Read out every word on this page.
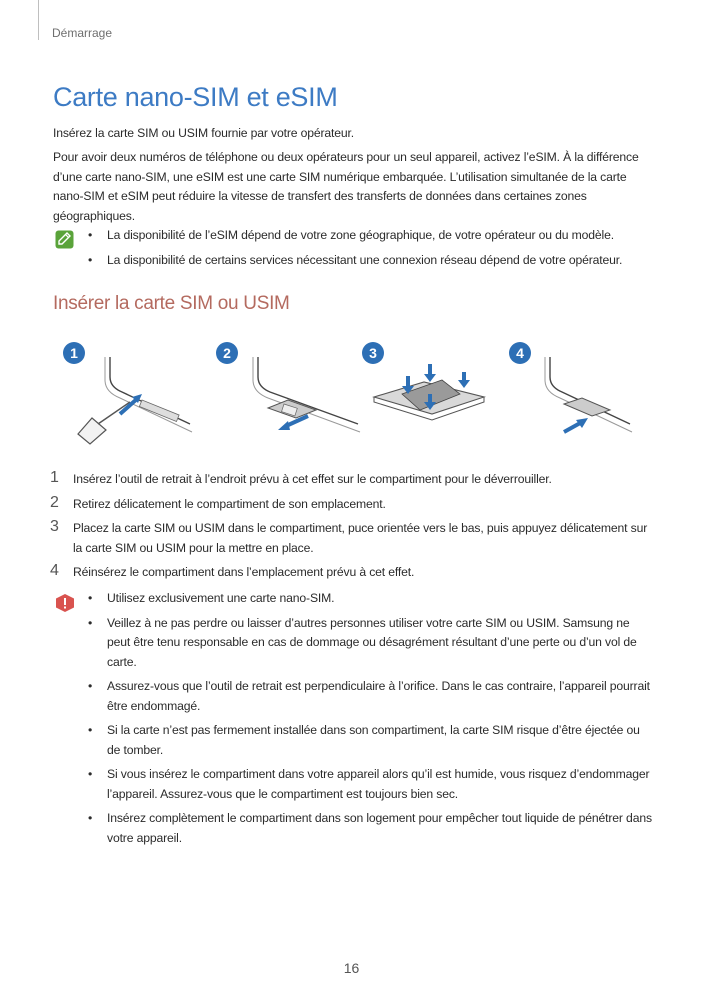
Démarrage
Carte nano-SIM et eSIM

Insérez la carte SIM ou USIM fournie par votre opérateur.

Pour avoir deux numéros de téléphone ou deux opérateurs pour un seul appareil, activez l’eSIM. À la différence d’une carte nano-SIM, une eSIM est une carte SIM numérique embarquée. L’utilisation simultanée de la carte nano-SIM et eSIM peut réduire la vitesse de transfert des transferts de données dans certaines zones géographiques.

• La disponibilité de l’eSIM dépend de votre zone géographique, de votre opérateur ou du modèle.
• La disponibilité de certains services nécessitant une connexion réseau dépend de votre opérateur.
Insérer la carte SIM ou USIM
1	2	3	4
1 Insérez l’outil de retrait à l’endroit prévu à cet effet sur le compartiment pour le déverrouiller.
2 Retirez délicatement le compartiment de son emplacement.
3 Placez la carte SIM ou USIM dans le compartiment, puce orientée vers le bas, puis appuyez délicatement sur la carte SIM ou USIM pour la mettre en place.
4 Réinsérez le compartiment dans l’emplacement prévu à cet effet.
• Utilisez exclusivement une carte nano-SIM.
• Veillez à ne pas perdre ou laisser d’autres personnes utiliser votre carte SIM ou USIM. Samsung ne peut être tenu responsable en cas de dommage ou désagrément résultant d’une perte ou d’un vol de carte.
• Assurez-vous que l’outil de retrait est perpendiculaire à l’orifice. Dans le cas contraire, l’appareil pourrait être endommagé.
• Si la carte n’est pas fermement installée dans son compartiment, la carte SIM risque d’être éjectée ou de tomber.
• Si vous insérez le compartiment dans votre appareil alors qu’il est humide, vous risquez d’endommager l’appareil. Assurez-vous que le compartiment est toujours bien sec.
• Insérez complètement le compartiment dans son logement pour empêcher tout liquide de pénétrer dans votre appareil.
16
